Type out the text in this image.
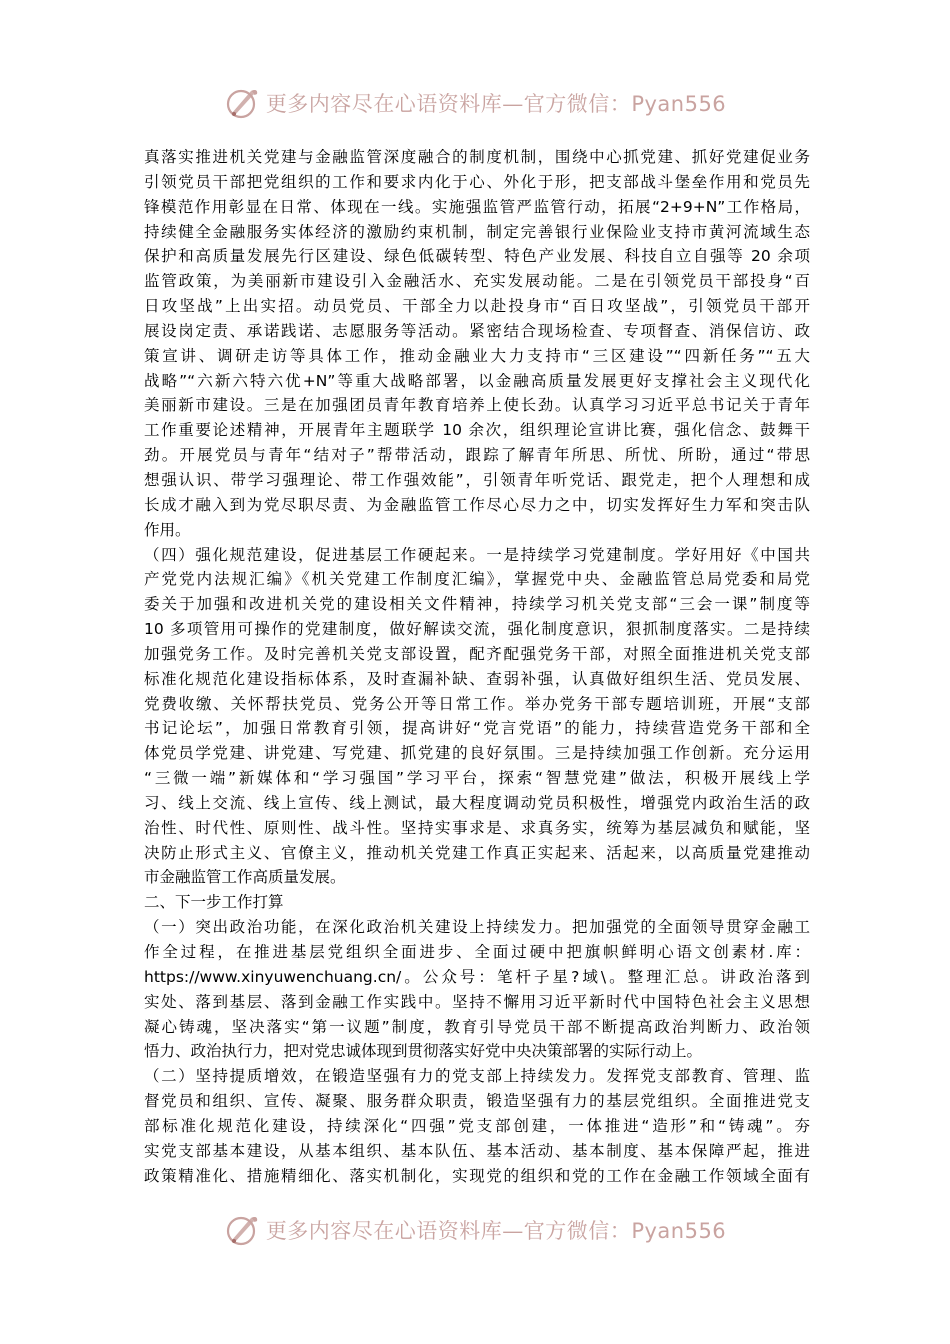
更多内容尽在心语资料库—官方微信：Pyan556
真落实推进机关党建与金融监管深度融合的制度机制，围绕中心抓党建、抓好党建促业务
引领党员干部把党组织的工作和要求内化于心、外化于形，把支部战斗堡垒作用和党员先
锋模范作用彰显在日常、体现在一线。实施强监管严监管行动，拓展“2+9+N”工作格局，
持续健全金融服务实体经济的激励约束机制，制定完善银行业保险业支持市黄河流域生态
保护和高质量发展先行区建设、绿色低碳转型、特色产业发展、科技自立自强等 20 余项
监管政策，为美丽新市建设引入金融活水、充实发展动能。二是在引领党员干部投身“百
日攻坚战”上出实招。动员党员、干部全力以赴投身市“百日攻坚战”，引领党员干部开
展设岗定责、承诺践诺、志愿服务等活动。紧密结合现场检查、专项督查、消保信访、政
策宣讲、调研走访等具体工作，推动金融业大力支持市“三区建设”“四新任务”“五大
战略”“六新六特六优+N”等重大战略部署，以金融高质量发展更好支撑社会主义现代化
美丽新市建设。三是在加强团员青年教育培养上使长劲。认真学习习近平总书记关于青年
工作重要论述精神，开展青年主题联学 10 余次，组织理论宣讲比赛，强化信念、鼓舞干
劲。开展党员与青年“结对子”帮带活动，跟踪了解青年所思、所忧、所盼，通过“带思
想强认识、带学习强理论、带工作强效能”，引领青年听党话、跟党走，把个人理想和成
长成才融入到为党尽职尽责、为金融监管工作尽心尽力之中，切实发挥好生力军和突击队
作用。
（四）强化规范建设，促进基层工作硬起来。一是持续学习党建制度。学好用好《中国共
产党党内法规汇编》《机关党建工作制度汇编》，掌握党中央、金融监管总局党委和局党
委关于加强和改进机关党的建设相关文件精神，持续学习机关党支部“三会一课”制度等
10 多项管用可操作的党建制度，做好解读交流，强化制度意识，狠抓制度落实。二是持续
加强党务工作。及时完善机关党支部设置，配齐配强党务干部，对照全面推进机关党支部
标准化规范化建设指标体系，及时查漏补缺、查弱补强，认真做好组织生活、党员发展、
党费收缴、关怀帮扶党员、党务公开等日常工作。举办党务干部专题培训班，开展“支部
书记论坛”，加强日常教育引领，提高讲好“党言党语”的能力，持续营造党务干部和全
体党员学党建、讲党建、写党建、抓党建的良好氛围。三是持续加强工作创新。充分运用
“三微一端”新媒体和“学习强国”学习平台，探索“智慧党建”做法，积极开展线上学
习、线上交流、线上宣传、线上测试，最大程度调动党员积极性，增强党内政治生活的政
治性、时代性、原则性、战斗性。坚持实事求是、求真务实，统筹为基层减负和赋能，坚
决防止形式主义、官僚主义，推动机关党建工作真正实起来、活起来，以高质量党建推动
市金融监管工作高质量发展。
二、下一步工作打算
（一）突出政治功能，在深化政治机关建设上持续发力。把加强党的全面领导贯穿金融工
作全过程，在推进基层党组织全面进步、全面过硬中把旗帜鲜明心语文创素材.库：
https://www.xinyuwenchuang.cn/。公众号：笔杆子星?域\。整理汇总。讲政治落到
实处、落到基层、落到金融工作实践中。坚持不懈用习近平新时代中国特色社会主义思想
凝心铸魂，坚决落实“第一议题”制度，教育引导党员干部不断提高政治判断力、政治领
悟力、政治执行力，把对党忠诚体现到贯彻落实好党中央决策部署的实际行动上。
（二）坚持提质增效，在锻造坚强有力的党支部上持续发力。发挥党支部教育、管理、监
督党员和组织、宣传、凝聚、服务群众职责，锻造坚强有力的基层党组织。全面推进党支
部标准化规范化建设，持续深化“四强”党支部创建，一体推进“造形”和“铸魂”。夯
实党支部基本建设，从基本组织、基本队伍、基本活动、基本制度、基本保障严起，推进
政策精准化、措施精细化、落实机制化，实现党的组织和党的工作在金融工作领域全面有
更多内容尽在心语资料库—官方微信：Pyan556
